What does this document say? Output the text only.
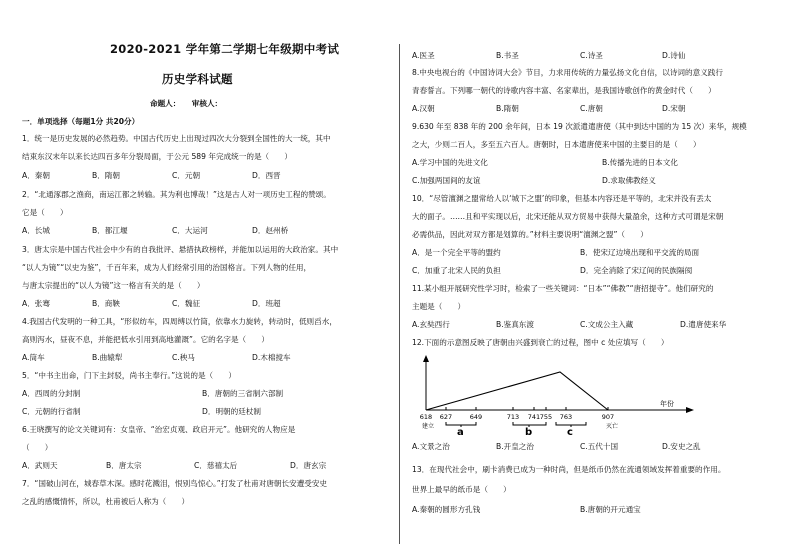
2020-2021 学年第二学期七年级期中考试
历史学科试题
命题人：　　审核人：
一．单项选择（每题1分 共20分）
1．统一是历史发展的必然趋势。中国古代历史上出现过四次大分裂到全国性的大一统，其中
结束东汉末年以来长达四百多年分裂局面，于公元 589 年完成统一的是（　　）
A．秦朝	B．隋朝	C．元朝	D．西晋
2．“北通涿郡之渔商，南运江都之转输。其为利也博哉！”这是古人对一项历史工程的赞颂。
它是（　　）
A．长城	B．都江堰	C．大运河	D．赵州桥
3．唐太宗是中国古代社会中少有的自我批评、悬措执政榜样，并能加以运用的大政治家。其中
“以人为镜”“以史为鉴”，千百年来，成为人们经常引用的治国格言。下列人物的任用，
与唐太宗提出的“以人为镜”这一格言有关的是（　　）
A．张骞	B．商鞅	C．魏征	D．班超
4.我国古代发明的一种工具，“形似纺车，四周缚以竹筒，依靠水力旋转，转动时，低则舀水，
高则泻水，昼夜不息，并能把低水引用到高地灌溉”。它的名字是（　　）
A.筒车	B.曲辕犁	C.秧马	D.木棉搅车
5．“中书主出命，门下主封驳，尚书主奉行。”这说的是（　　）
A．西周的分封制	B．唐朝的三省制六部制
C．元朝的行省制	D．明朝的廷杖制
6.王晓撰写的论文关键词有：女皇帝、“治宏贞观、政启开元”。他研究的人物应是
（　　）
A．武则天	B．唐太宗	C．慈禧太后	D．唐玄宗
7．“国破山河在，城春草木深。感时花溅泪，恨别鸟惊心。”打发了杜甫对唐朝长安遭受安史
之乱的感慨情怀，所以，杜甫被后人称为（　　）
A.医圣	B.书圣	C.诗圣	D.诗仙
8.中央电视台的《中国诗词大会》节目，力求用传统的力量弘扬文化自信，以诗词的意义践行
青春誓言。下列哪一朝代的诗歌内容丰富、名家辈出，是我国诗歌创作的黄金时代（　　）
A.汉朝	B.隋朝	C.唐朝	D.宋朝
9.630 年至 838 年的 200 余年间，日本 19 次派遣遣唐使（其中到达中国的为 15 次）来华，规模
之大，少则二百人，多至五六百人。唐朝时，日本遣唐使来中国的主要目的是（　　）
A.学习中国的先进文化	B.传播先进的日本文化
C.加强两国间的友谊	D.求取佛教经义
10．“尽管澶渊之盟常给人以‘城下之盟’的印象，但基本内容还是平等的，北宋并没有丢太
大的面子。……且和平实现以后，北宋还能从双方贸易中获得大量盈余，这种方式可谓是宋朝
必需供品，因此对双方都是划算的。”材料主要说明“澶渊之盟”（　　）
A．是一个完全平等的盟约	B．使宋辽边境出现和平交流的局面
C．加重了北宋人民的负担	D．完全消除了宋辽间的民族隔阂
11.某小组开展研究性学习时，检索了一些关键词：“日本”“佛教”“唐招提寺”。他们研究的
主题是（　　）
A.玄奘西行	B.鉴真东渡	C.文成公主入藏	D.遣唐使来华
12.下面的示意图反映了唐朝由兴盛到衰亡的过程，图中 c 处应填写（　　）
年份
618 627	649	713 741 755 763	907
建立	灭亡
a	b	c
A.文景之治	B.开皇之治	C.五代十国	D.安史之乱
13．在现代社会中，刷卡消费已成为一种时尚，但是纸币仍然在流通领域发挥着重要的作用。
世界上最早的纸币是（　　）
A.秦朝的圆形方孔钱	B.唐朝的开元通宝
